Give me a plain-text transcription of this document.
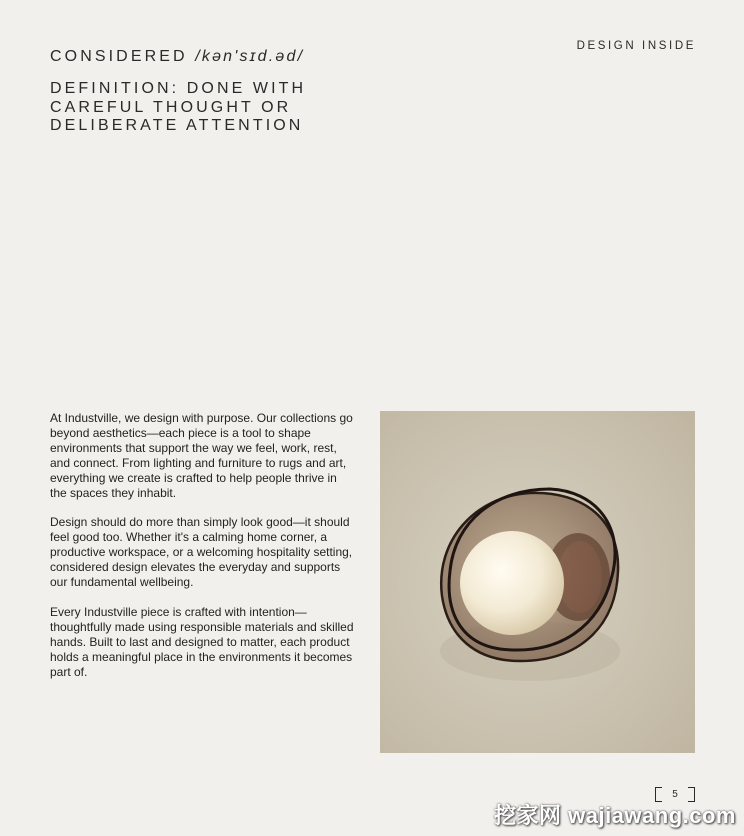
CONSIDERED /kən'sɪd.əd/
DEFINITION: DONE WITH CAREFUL THOUGHT OR DELIBERATE ATTENTION
DESIGN INSIDE

At Industville, we design with purpose. Our collections go beyond aesthetics—each piece is a tool to shape environments that support the way we feel, work, rest, and connect. From lighting and furniture to rugs and art, everything we create is crafted to help people thrive in the spaces they inhabit.

Design should do more than simply look good—it should feel good too. Whether it's a calming home corner, a productive workspace, or a welcoming hospitality setting, considered design elevates the everyday and supports our fundamental wellbeing.

Every Industville piece is crafted with intention—thoughtfully made using responsible materials and skilled hands. Built to last and designed to matter, each product holds a meaningful place in the environments it becomes part of.

5

挖家网 wajiawang.com
